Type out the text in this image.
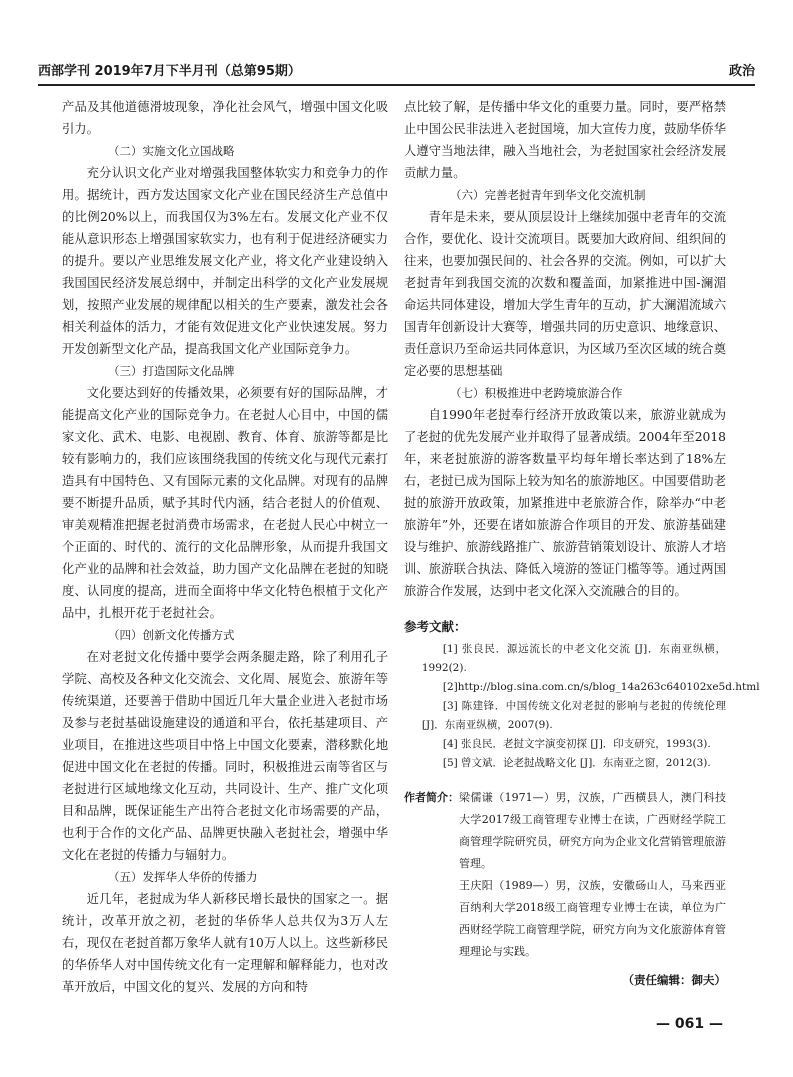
西部学刊 2019年7月下半月刊（总第95期）	政治

产品及其他道德滑坡现象，净化社会风气，增强中国文化吸引力。

（二）实施文化立国战略

充分认识文化产业对增强我国整体软实力和竞争力的作用。据统计，西方发达国家文化产业在国民经济生产总值中的比例20%以上，而我国仅为3%左右。发展文化产业不仅能从意识形态上增强国家软实力，也有利于促进经济硬实力的提升。要以产业思维发展文化产业，将文化产业建设纳入我国国民经济发展总纲中，并制定出科学的文化产业发展规划，按照产业发展的规律配以相关的生产要素，激发社会各相关利益体的活力，才能有效促进文化产业快速发展。努力开发创新型文化产品，提高我国文化产业国际竞争力。

（三）打造国际文化品牌

文化要达到好的传播效果，必须要有好的国际品牌，才能提高文化产业的国际竞争力。在老挝人心目中，中国的儒家文化、武术、电影、电视剧、教育、体育、旅游等都是比较有影响力的，我们应该围绕我国的传统文化与现代元素打造具有中国特色、又有国际元素的文化品牌。对现有的品牌要不断提升品质，赋予其时代内涵，结合老挝人的价值观、审美观精准把握老挝消费市场需求，在老挝人民心中树立一个正面的、时代的、流行的文化品牌形象，从而提升我国文化产业的品牌和社会效益，助力国产文化品牌在老挝的知晓度、认同度的提高，进而全面将中华文化特色根植于文化产品中，扎根开花于老挝社会。

（四）创新文化传播方式

在对老挝文化传播中要学会两条腿走路，除了利用孔子学院、高校及各种文化交流会、文化周、展览会、旅游年等传统渠道，还要善于借助中国近几年大量企业进入老挝市场及参与老挝基础设施建设的通道和平台，依托基建项目、产业项目，在推进这些项目中恪上中国文化要素，潜移默化地促进中国文化在老挝的传播。同时，积极推进云南等省区与老挝进行区域地缘文化互动，共同设计、生产、推广文化项目和品牌，既保证能生产出符合老挝文化市场需要的产品，也利于合作的文化产品、品牌更快融入老挝社会，增强中华文化在老挝的传播力与辐射力。

（五）发挥华人华侨的传播力

近几年，老挝成为华人新移民增长最快的国家之一。据统计，改革开放之初，老挝的华侨华人总共仅为3万人左右，现仅在老挝首都万象华人就有10万人以上。这些新移民的华侨华人对中国传统文化有一定理解和解释能力，也对改革开放后，中国文化的复兴、发展的方向和特

点比较了解，是传播中华文化的重要力量。同时，要严格禁止中国公民非法进入老挝国境，加大宣传力度，鼓励华侨华人遵守当地法律，融入当地社会，为老挝国家社会经济发展贡献力量。

（六）完善老挝青年到华文化交流机制

青年是未来，要从顶层设计上继续加强中老青年的交流合作，要优化、设计交流项目。既要加大政府间、组织间的往来，也要加强民间的、社会各界的交流。例如，可以扩大老挝青年到我国交流的次数和覆盖面，加紧推进中国-澜湄命运共同体建设，增加大学生青年的互动，扩大澜湄流域六国青年创新设计大赛等，增强共同的历史意识、地缘意识、责任意识乃至命运共同体意识，为区域乃至次区域的统合奠定必要的思想基础

（七）积极推进中老跨境旅游合作

自1990年老挝奉行经济开放政策以来，旅游业就成为了老挝的优先发展产业并取得了显著成绩。2004年至2018年，来老挝旅游的游客数量平均每年增长率达到了18%左右，老挝已成为国际上较为知名的旅游地区。中国要借助老挝的旅游开放政策，加紧推进中老旅游合作，除举办“中老旅游年”外，还要在诸如旅游合作项目的开发、旅游基础建设与维护、旅游线路推广、旅游营销策划设计、旅游人才培训、旅游联合执法、降低入境游的签证门槛等等。通过两国旅游合作发展，达到中老文化深入交流融合的目的。

参考文献：

[1] 张良民．源远流长的中老文化交流 [J]．东南亚纵横，1992(2).

[2]http://blog.sina.com.cn/s/blog_14a263c640102xe5d.html

[3] 陈建锋．中国传统文化对老挝的影响与老挝的传统伦理 [J]．东南亚纵横，2007(9).

[4] 张良民．老挝文字演变初探 [J]．印支研究，1993(3).

[5] 曾文斌．论老挝战略文化 [J]．东南亚之窗，2012(3).

作者简介： 梁儒谦（1971—）男，汉族，广西横县人，澳门科技大学2017级工商管理专业博士在读，广西财经学院工商管理学院研究员，研究方向为企业文化营销管理旅游管理。

王庆阳（1989—）男，汉族，安徽砀山人，马来西亚百纳利大学2018级工商管理专业博士在读，单位为广西财经学院工商管理学院，研究方向为文化旅游体育管理理论与实践。

（责任编辑：御夫）
— 061 —
